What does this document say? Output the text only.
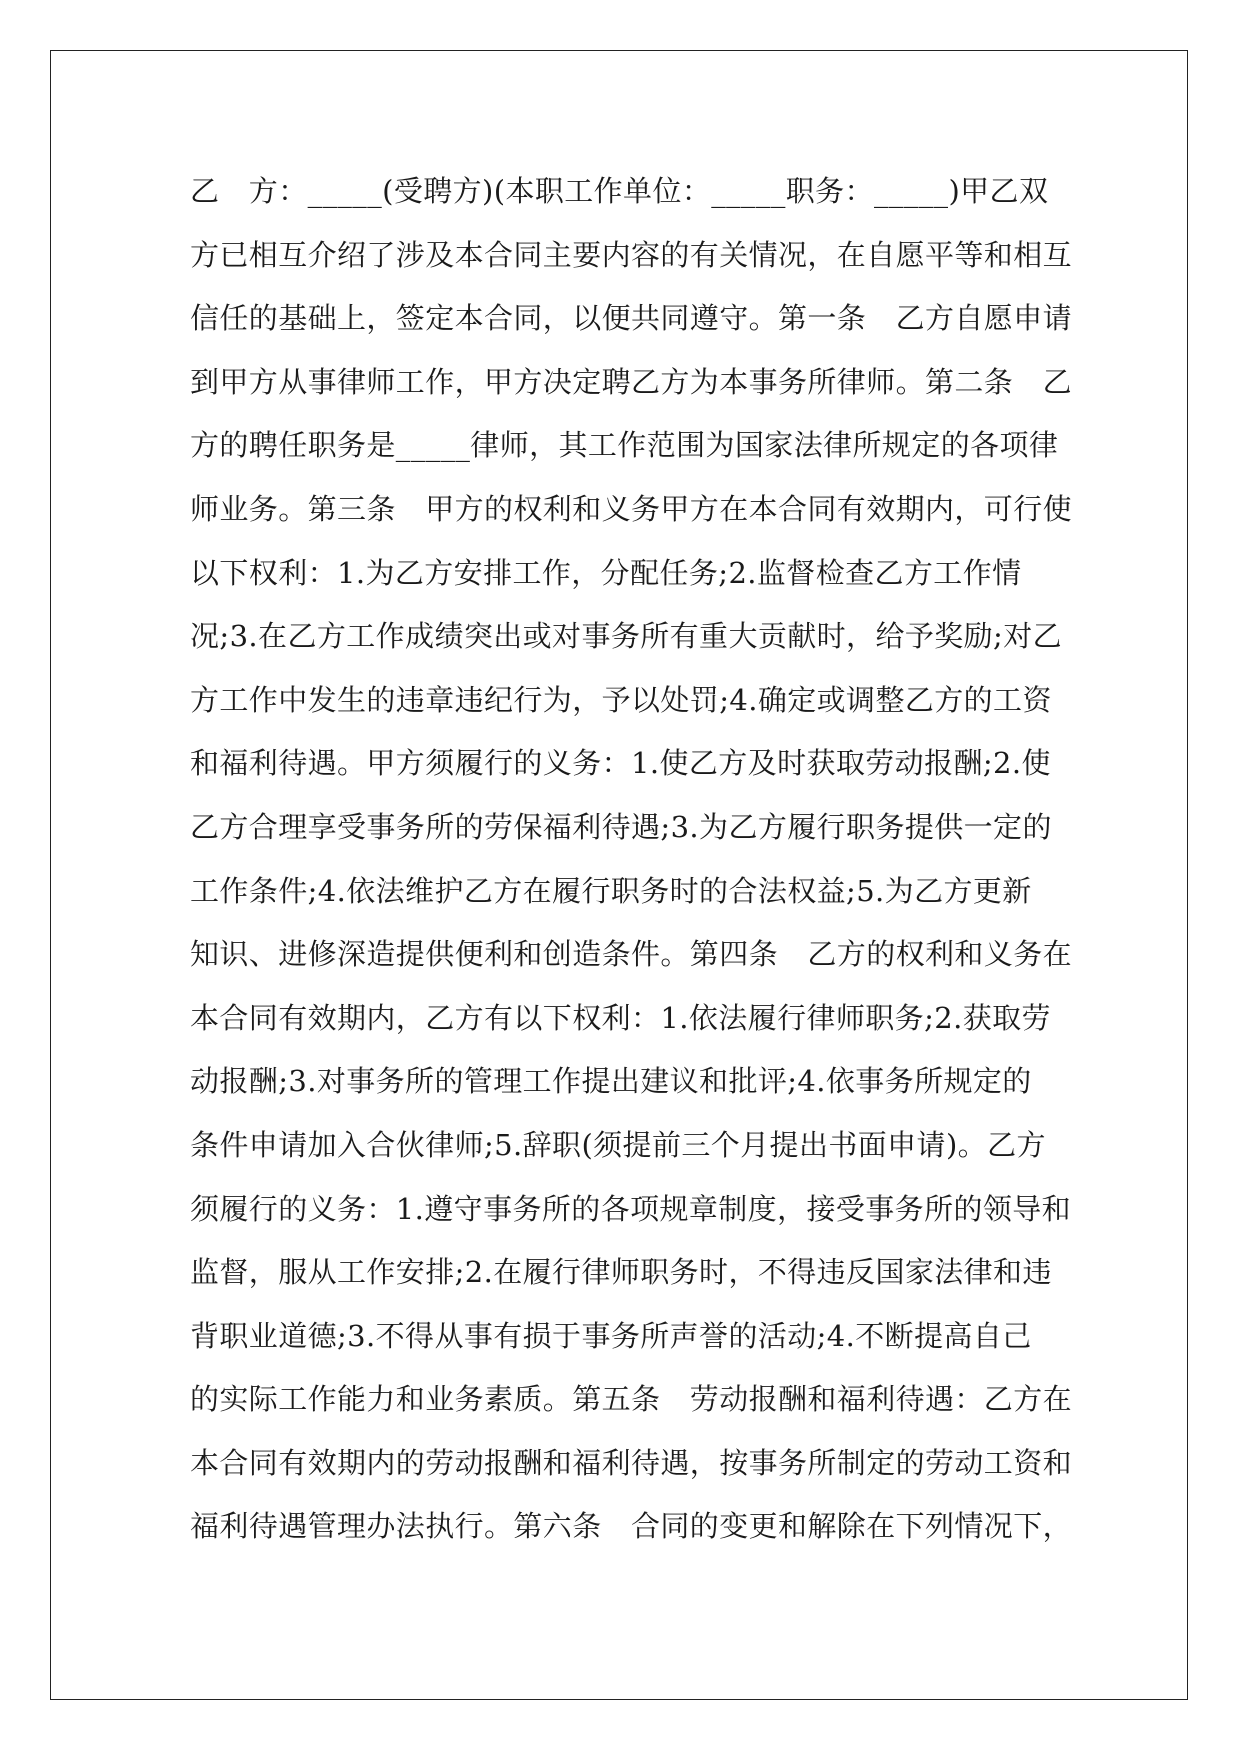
乙　方：_____(受聘方)(本职工作单位：_____职务：_____)甲乙双
方已相互介绍了涉及本合同主要内容的有关情况，在自愿平等和相互
信任的基础上，签定本合同，以便共同遵守。第一条　乙方自愿申请
到甲方从事律师工作，甲方决定聘乙方为本事务所律师。第二条　乙
方的聘任职务是_____律师，其工作范围为国家法律所规定的各项律
师业务。第三条　甲方的权利和义务甲方在本合同有效期内，可行使
以下权利：1.为乙方安排工作，分配任务;2.监督检查乙方工作情
况;3.在乙方工作成绩突出或对事务所有重大贡献时，给予奖励;对乙
方工作中发生的违章违纪行为，予以处罚;4.确定或调整乙方的工资
和福利待遇。甲方须履行的义务：1.使乙方及时获取劳动报酬;2.使
乙方合理享受事务所的劳保福利待遇;3.为乙方履行职务提供一定的
工作条件;4.依法维护乙方在履行职务时的合法权益;5.为乙方更新
知识、进修深造提供便利和创造条件。第四条　乙方的权利和义务在
本合同有效期内，乙方有以下权利：1.依法履行律师职务;2.获取劳
动报酬;3.对事务所的管理工作提出建议和批评;4.依事务所规定的
条件申请加入合伙律师;5.辞职(须提前三个月提出书面申请)。乙方
须履行的义务：1.遵守事务所的各项规章制度，接受事务所的领导和
监督，服从工作安排;2.在履行律师职务时，不得违反国家法律和违
背职业道德;3.不得从事有损于事务所声誉的活动;4.不断提高自己
的实际工作能力和业务素质。第五条　劳动报酬和福利待遇：乙方在
本合同有效期内的劳动报酬和福利待遇，按事务所制定的劳动工资和
福利待遇管理办法执行。第六条　合同的变更和解除在下列情况下，
